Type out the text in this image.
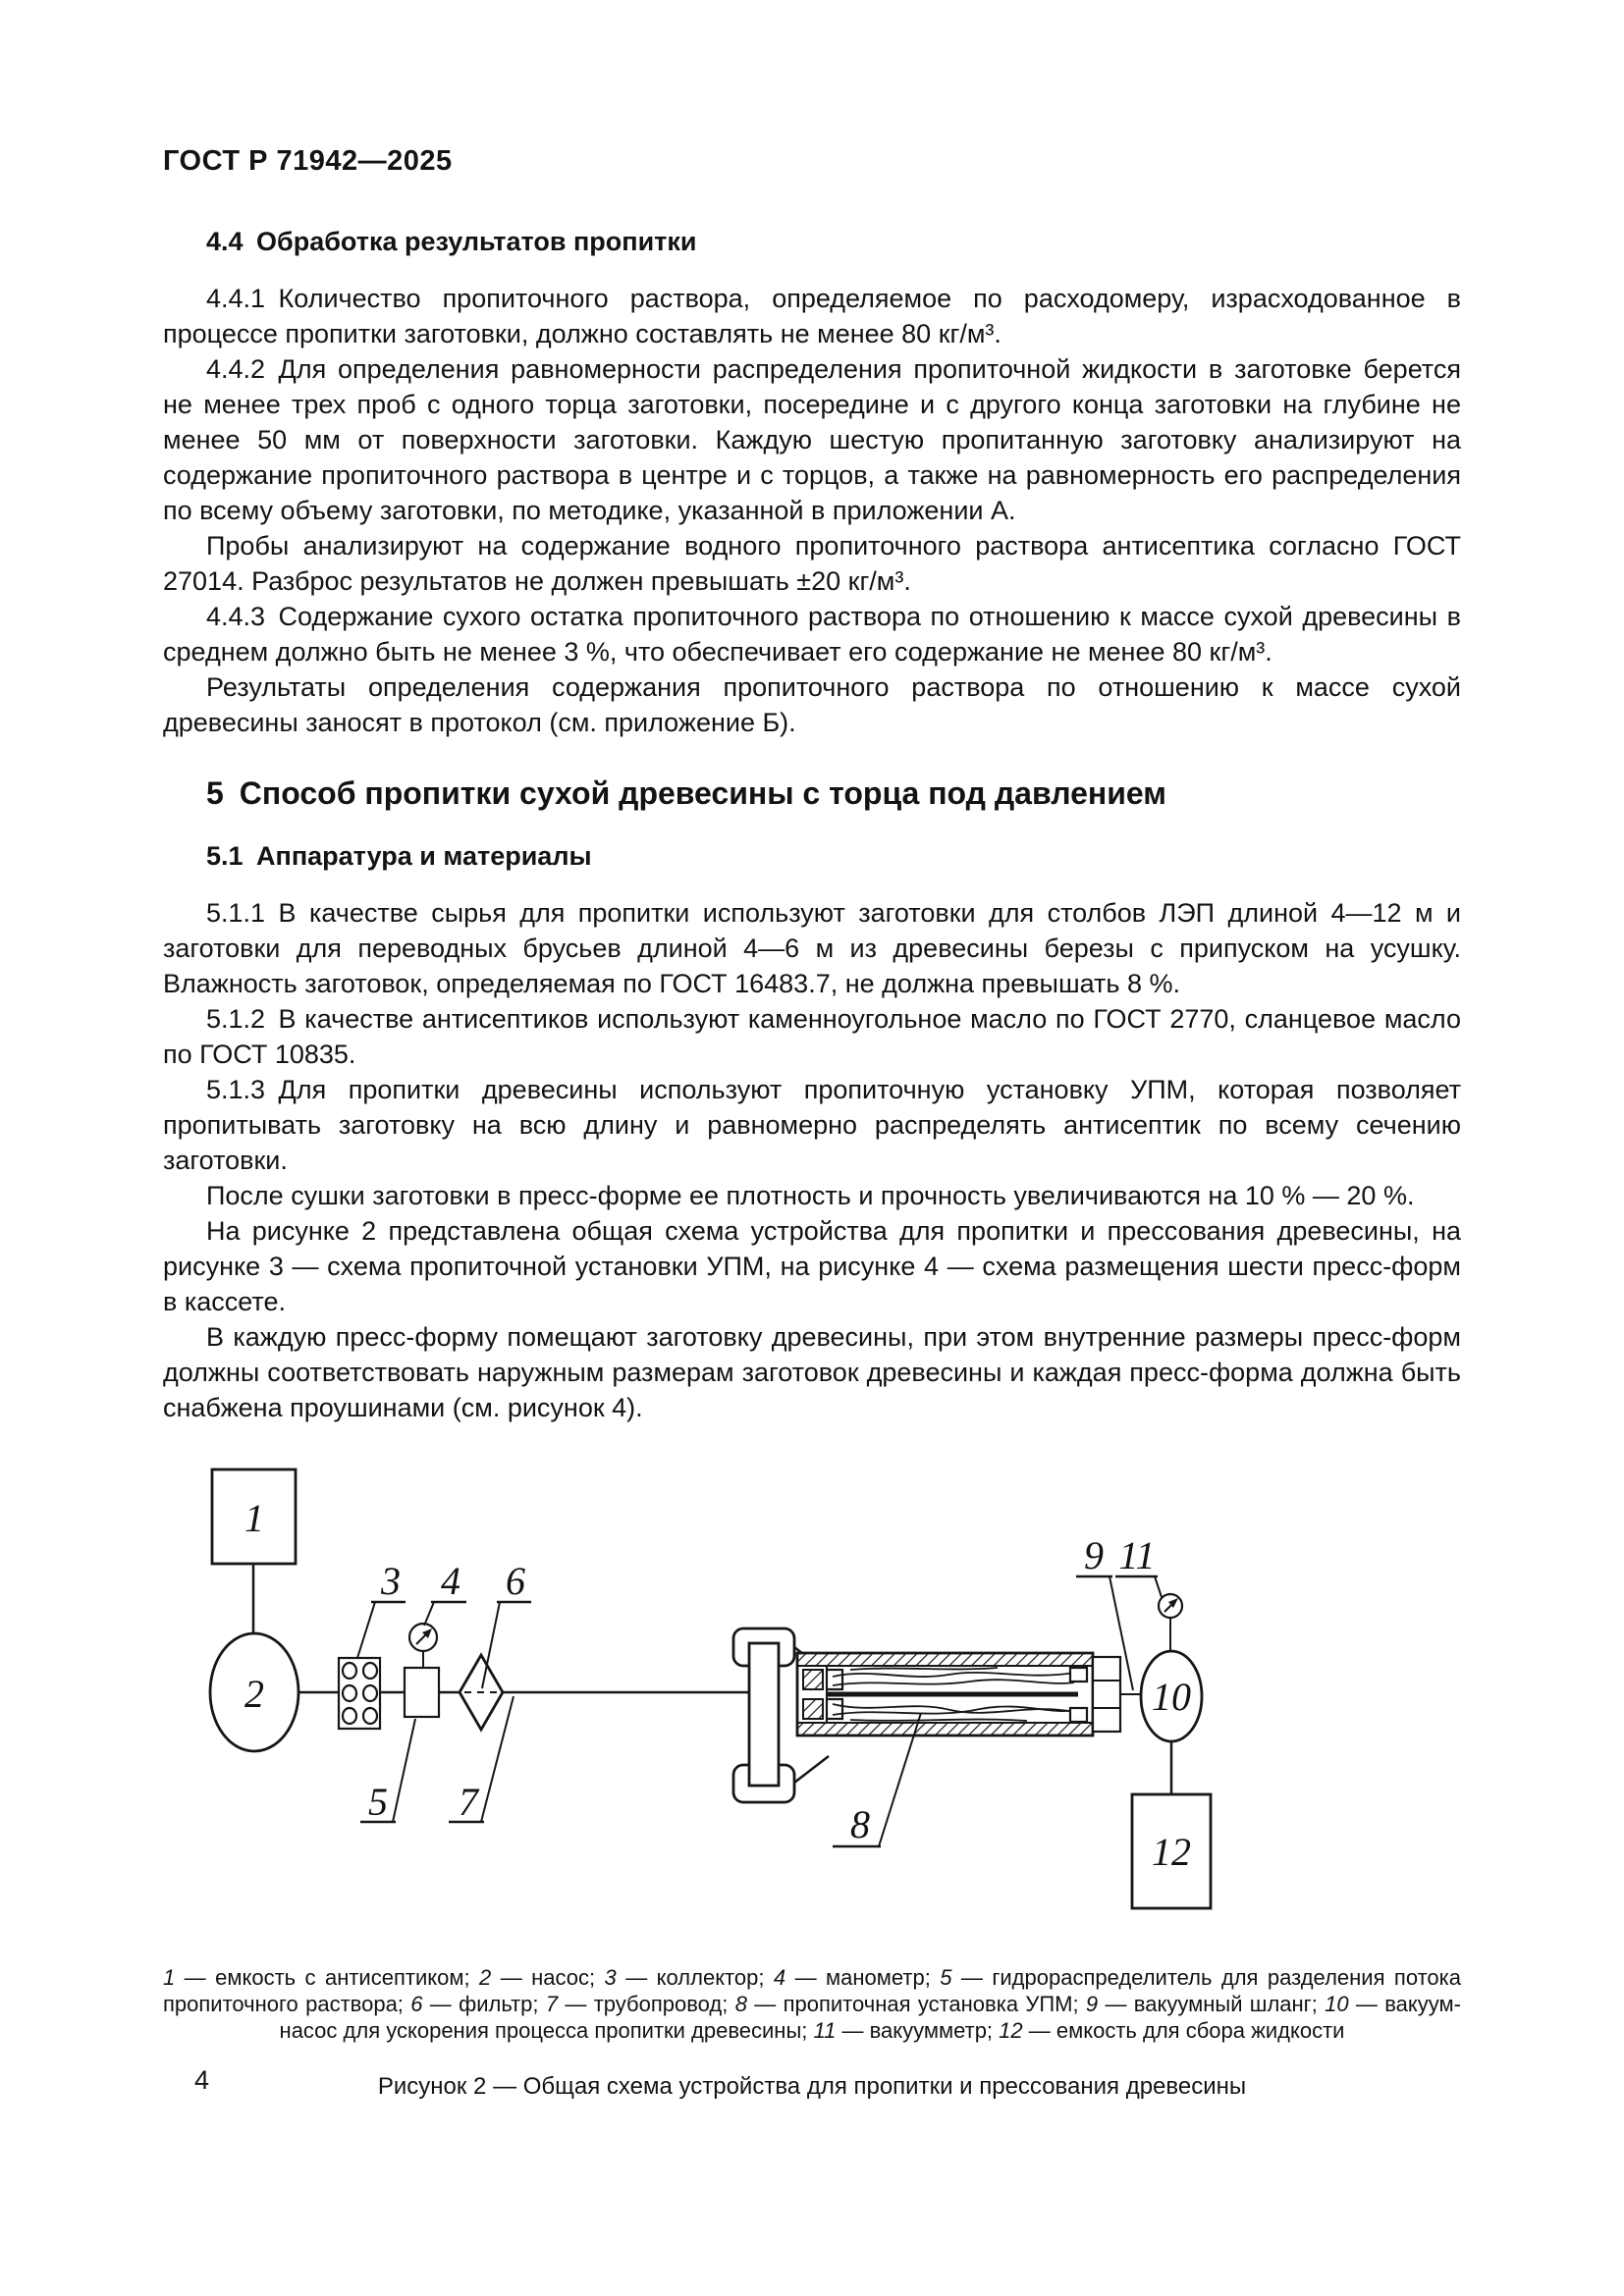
ГОСТ Р 71942—2025
4.4 Обработка результатов пропитки

4.4.1 Количество пропиточного раствора, определяемое по расходомеру, израсходованное в процессе пропитки заготовки, должно составлять не менее 80 кг/м³.

4.4.2 Для определения равномерности распределения пропиточной жидкости в заготовке берется не менее трех проб с одного торца заготовки, посередине и с другого конца заготовки на глубине не менее 50 мм от поверхности заготовки. Каждую шестую пропитанную заготовку анализируют на содержание пропиточного раствора в центре и с торцов, а также на равномерность его распределения по всему объему заготовки, по методике, указанной в приложении А.

Пробы анализируют на содержание водного пропиточного раствора антисептика согласно ГОСТ 27014. Разброс результатов не должен превышать ±20 кг/м³.

4.4.3 Содержание сухого остатка пропиточного раствора по отношению к массе сухой древесины в среднем должно быть не менее 3 %, что обеспечивает его содержание не менее 80 кг/м³.

Результаты определения содержания пропиточного раствора по отношению к массе сухой древесины заносят в протокол (см. приложение Б).

5 Способ пропитки сухой древесины с торца под давлением
5.1 Аппаратура и материалы

5.1.1 В качестве сырья для пропитки используют заготовки для столбов ЛЭП длиной 4—12 м и заготовки для переводных брусьев длиной 4—6 м из древесины березы с припуском на усушку. Влажность заготовок, определяемая по ГОСТ 16483.7, не должна превышать 8 %.

5.1.2 В качестве антисептиков используют каменноугольное масло по ГОСТ 2770, сланцевое масло по ГОСТ 10835.

5.1.3 Для пропитки древесины используют пропиточную установку УПМ, которая позволяет пропитывать заготовку на всю длину и равномерно распределять антисептик по всему сечению заготовки.

После сушки заготовки в пресс-форме ее плотность и прочность увеличиваются на 10 % — 20 %.

На рисунке 2 представлена общая схема устройства для пропитки и прессования древесины, на рисунке 3 — схема пропиточной установки УПМ, на рисунке 4 — схема размещения шести пресс-форм в кассете.

В каждую пресс-форму помещают заготовку древесины, при этом внутренние размеры пресс-форм должны соответствовать наружным размерам заготовок древесины и каждая пресс-форма должна быть снабжена проушинами (см. рисунок 4).

1
2	10
12
3 4 6
5 7
8
9 11

1 — емкость с антисептиком; 2 — насос; 3 — коллектор; 4 — манометр; 5 — гидрораспределитель для разделения потока пропиточного раствора; 6 — фильтр; 7 — трубопровод; 8 — пропиточная установка УПМ; 9 — вакуумный шланг; 10 — вакуум-насос для ускорения процесса пропитки древесины; 11 — вакуумметр; 12 — емкость для сбора жидкости

Рисунок 2 — Общая схема устройства для пропитки и прессования древесины

4
